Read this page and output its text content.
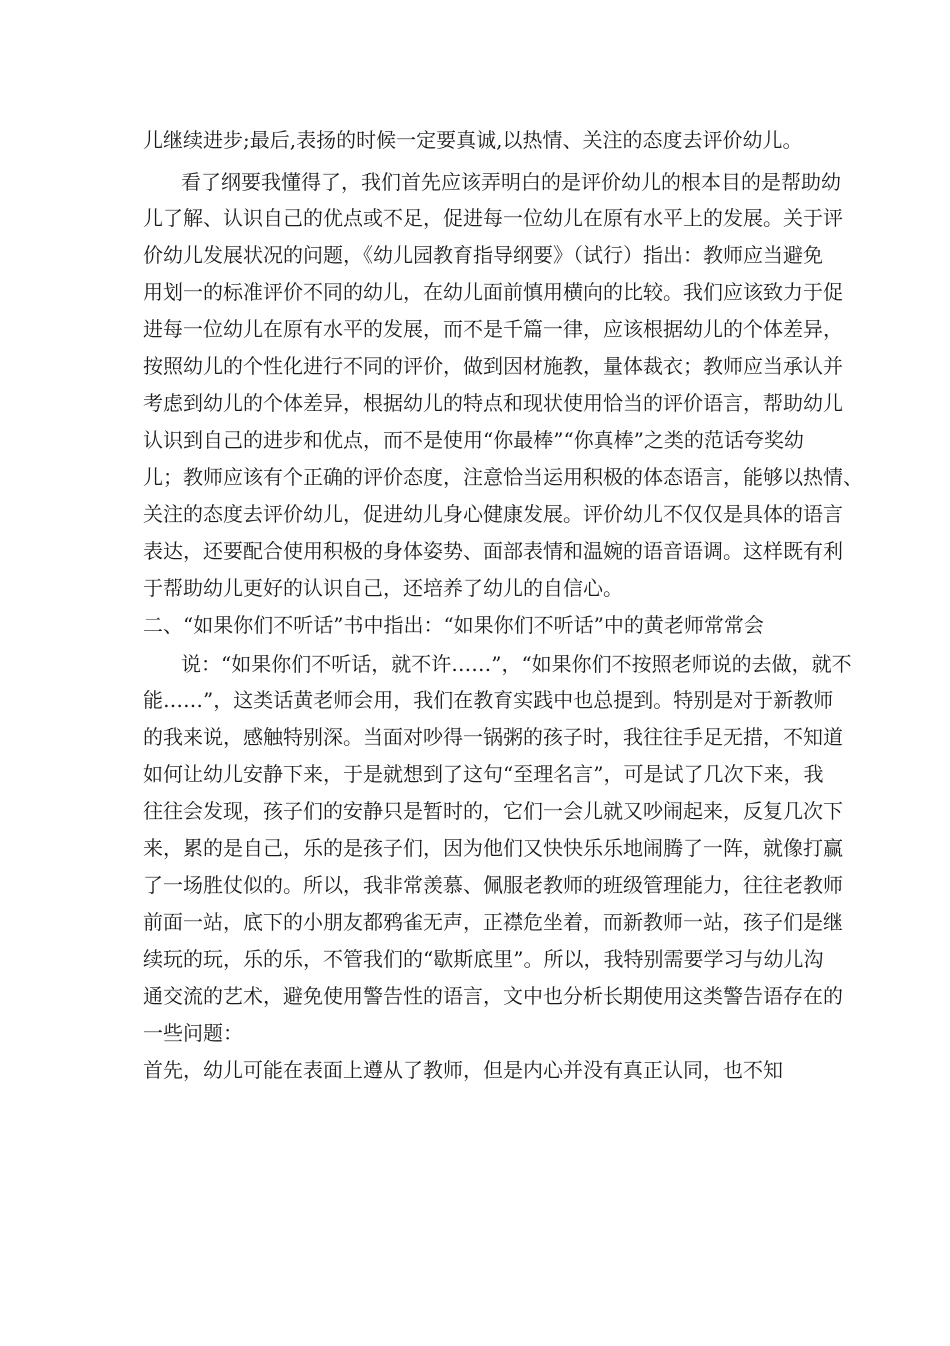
儿继续进步;最后,表扬的时候一定要真诚,以热情、关注的态度去评价幼儿。
看了纲要我懂得了，我们首先应该弄明白的是评价幼儿的根本目的是帮助幼
儿了解、认识自己的优点或不足，促进每一位幼儿在原有水平上的发展。关于评
价幼儿发展状况的问题，《幼儿园教育指导纲要》（试行）指出：教师应当避免
用划一的标准评价不同的幼儿，在幼儿面前慎用横向的比较。我们应该致力于促
进每一位幼儿在原有水平的发展，而不是千篇一律，应该根据幼儿的个体差异，
按照幼儿的个性化进行不同的评价，做到因材施教，量体裁衣；教师应当承认并
考虑到幼儿的个体差异，根据幼儿的特点和现状使用恰当的评价语言，帮助幼儿
认识到自己的进步和优点，而不是使用“你最棒”“你真棒”之类的范话夸奖幼
儿；教师应该有个正确的评价态度，注意恰当运用积极的体态语言，能够以热情、
关注的态度去评价幼儿，促进幼儿身心健康发展。评价幼儿不仅仅是具体的语言
表达，还要配合使用积极的身体姿势、面部表情和温婉的语音语调。这样既有利
于帮助幼儿更好的认识自己，还培养了幼儿的自信心。
二、“如果你们不听话”书中指出：“如果你们不听话”中的黄老师常常会
说：“如果你们不听话，就不许……”，“如果你们不按照老师说的去做，就不
能……”，这类话黄老师会用，我们在教育实践中也总提到。特别是对于新教师
的我来说，感触特别深。当面对吵得一锅粥的孩子时，我往往手足无措，不知道
如何让幼儿安静下来，于是就想到了这句“至理名言”，可是试了几次下来，我
往往会发现，孩子们的安静只是暂时的，它们一会儿就又吵闹起来，反复几次下
来，累的是自己，乐的是孩子们，因为他们又快快乐乐地闹腾了一阵，就像打赢
了一场胜仗似的。所以，我非常羡慕、佩服老教师的班级管理能力，往往老教师
前面一站，底下的小朋友都鸦雀无声，正襟危坐着，而新教师一站，孩子们是继
续玩的玩，乐的乐，不管我们的“歇斯底里”。所以，我特别需要学习与幼儿沟
通交流的艺术，避免使用警告性的语言，文中也分析长期使用这类警告语存在的
一些问题：
首先，幼儿可能在表面上遵从了教师，但是内心并没有真正认同，也不知
